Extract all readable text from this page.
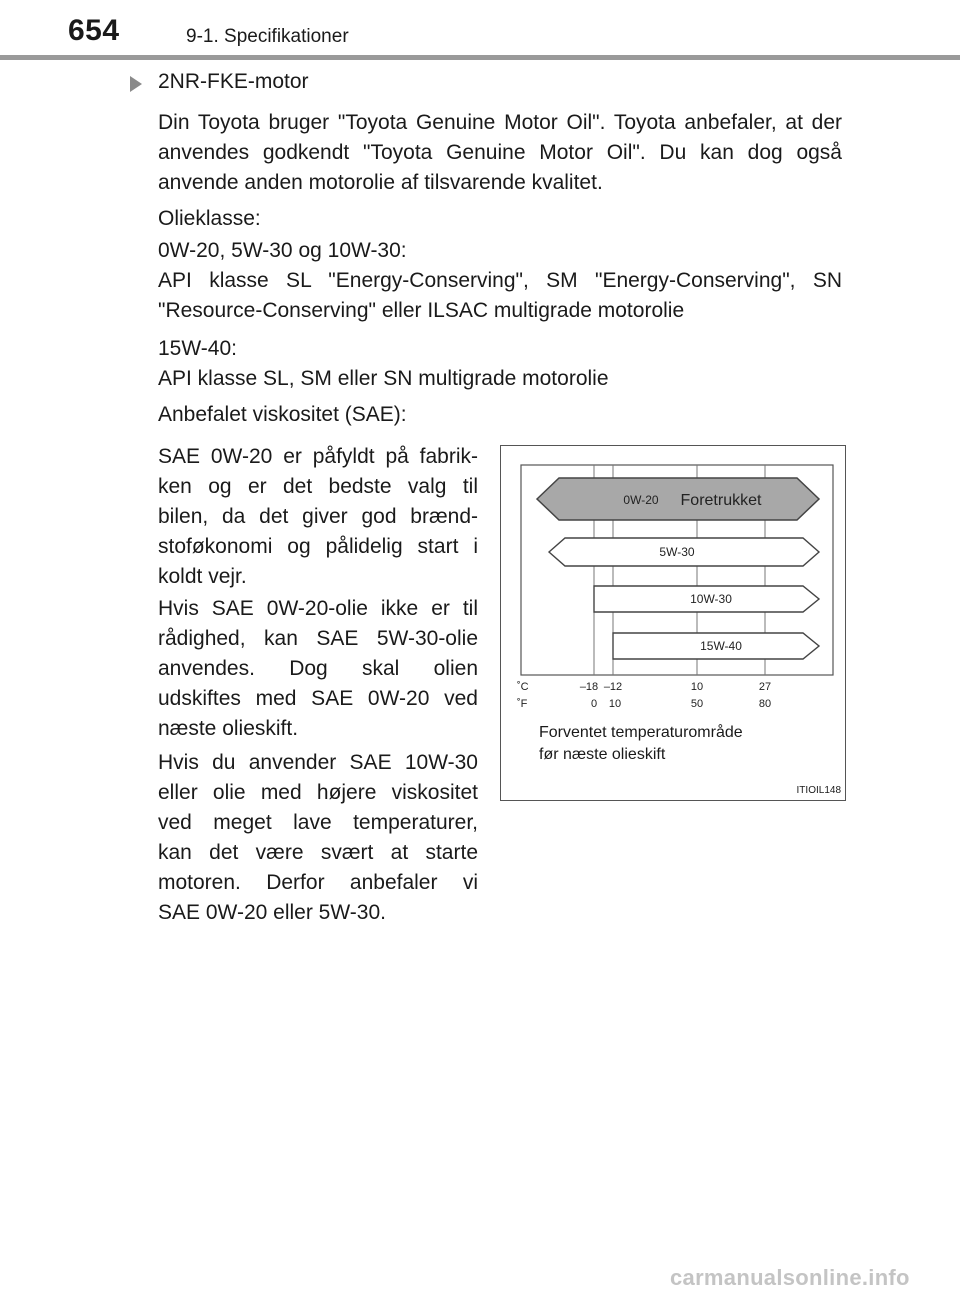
654	9-1. Specifikationer
2NR-FKE-motor
Din Toyota bruger "Toyota Genuine Motor Oil". Toyota anbefaler, at der anvendes godkendt "Toyota Genuine Motor Oil". Du kan dog også anvende anden motorolie af tilsvarende kvalitet.
Olieklasse:
0W-20, 5W-30 og 10W-30:
API klasse SL "Energy-Conserving", SM "Energy-Conserving", SN "Resource-Conserving" eller ILSAC multigrade motorolie
15W-40:
API klasse SL, SM eller SN multigrade motorolie
Anbefalet viskositet (SAE):
SAE 0W-20 er påfyldt på fabrik-
ken og er det bedste valg til
bilen, da det giver god brænd-
stoføkonomi og pålidelig start i
koldt vejr.
Hvis SAE 0W-20-olie ikke er til
rådighed, kan SAE 5W-30-olie
anvendes. Dog skal olien
udskiftes med SAE 0W-20 ved
næste olieskift.
Hvis du anvender SAE 10W-30
eller olie med højere viskositet
ved meget lave temperaturer,
kan det være svært at starte
motoren. Derfor anbefaler vi
SAE 0W-20 eller 5W-30.
0W-20 Foretrukket
5W-30
10W-30
15W-40
˚C
˚F
–18 –12	10	27
0 10	50	80
Forventet temperaturområde
før næste olieskift
ITIOIL148
carmanualsonline.info
